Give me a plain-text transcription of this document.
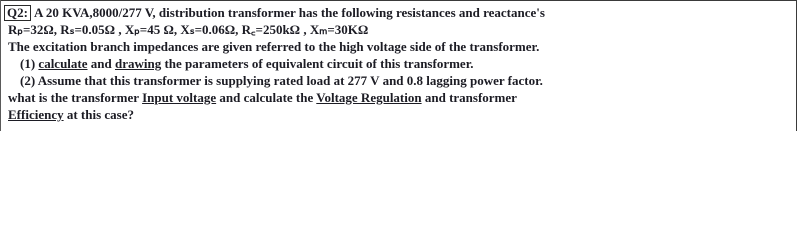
Q2: A 20 KVA,8000/277 V, distribution transformer has the following resistances and reactance's
Rₚ=32Ω, Rₛ=0.05Ω , Xₚ=45 Ω, Xₛ=0.06Ω, R꜀=250kΩ , Xₘ=30KΩ
The excitation branch impedances are given referred to the high voltage side of the transformer.
(1) calculate and drawing the parameters of equivalent circuit of this transformer.
(2) Assume that this transformer is supplying rated load at 277 V and 0.8 lagging power factor.
what is the transformer Input voltage and calculate the Voltage Regulation and transformer
Efficiency at this case?
